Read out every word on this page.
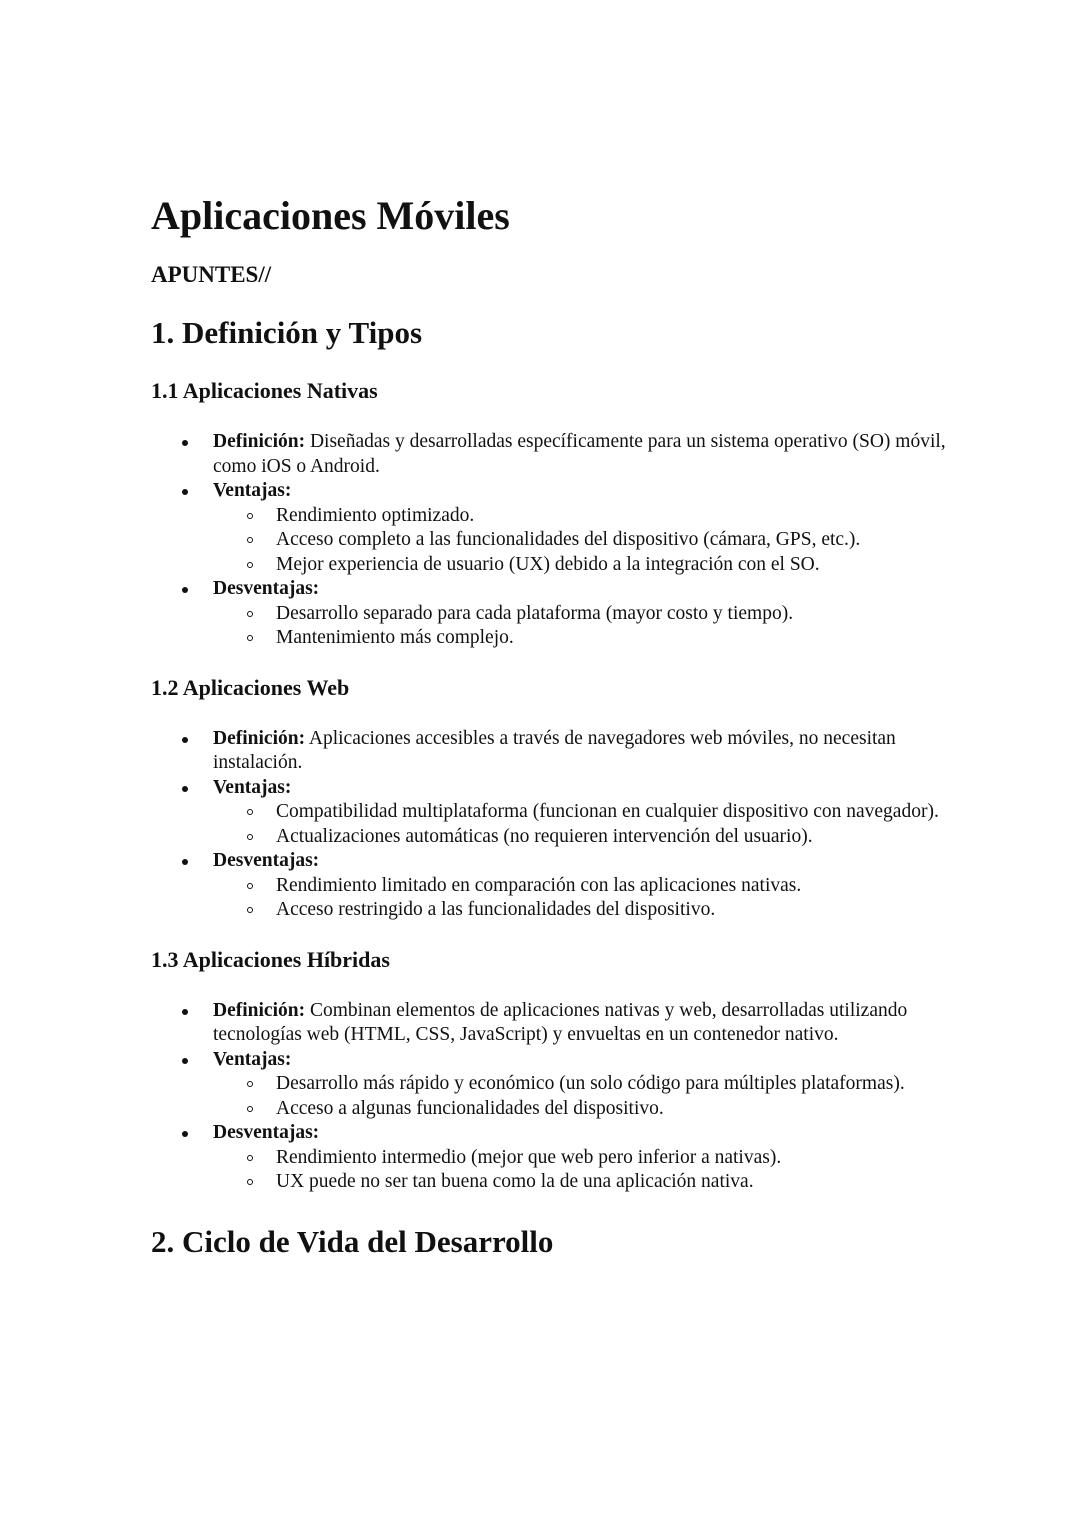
Aplicaciones Móviles
APUNTES//
1. Definición y Tipos
1.1 Aplicaciones Nativas
Definición: Diseñadas y desarrolladas específicamente para un sistema operativo (SO) móvil, como iOS o Android.
Ventajas:
Rendimiento optimizado.
Acceso completo a las funcionalidades del dispositivo (cámara, GPS, etc.).
Mejor experiencia de usuario (UX) debido a la integración con el SO.
Desventajas:
Desarrollo separado para cada plataforma (mayor costo y tiempo).
Mantenimiento más complejo.
1.2 Aplicaciones Web
Definición: Aplicaciones accesibles a través de navegadores web móviles, no necesitan instalación.
Ventajas:
Compatibilidad multiplataforma (funcionan en cualquier dispositivo con navegador).
Actualizaciones automáticas (no requieren intervención del usuario).
Desventajas:
Rendimiento limitado en comparación con las aplicaciones nativas.
Acceso restringido a las funcionalidades del dispositivo.
1.3 Aplicaciones Híbridas
Definición: Combinan elementos de aplicaciones nativas y web, desarrolladas utilizando tecnologías web (HTML, CSS, JavaScript) y envueltas en un contenedor nativo.
Ventajas:
Desarrollo más rápido y económico (un solo código para múltiples plataformas).
Acceso a algunas funcionalidades del dispositivo.
Desventajas:
Rendimiento intermedio (mejor que web pero inferior a nativas).
UX puede no ser tan buena como la de una aplicación nativa.
2. Ciclo de Vida del Desarrollo
